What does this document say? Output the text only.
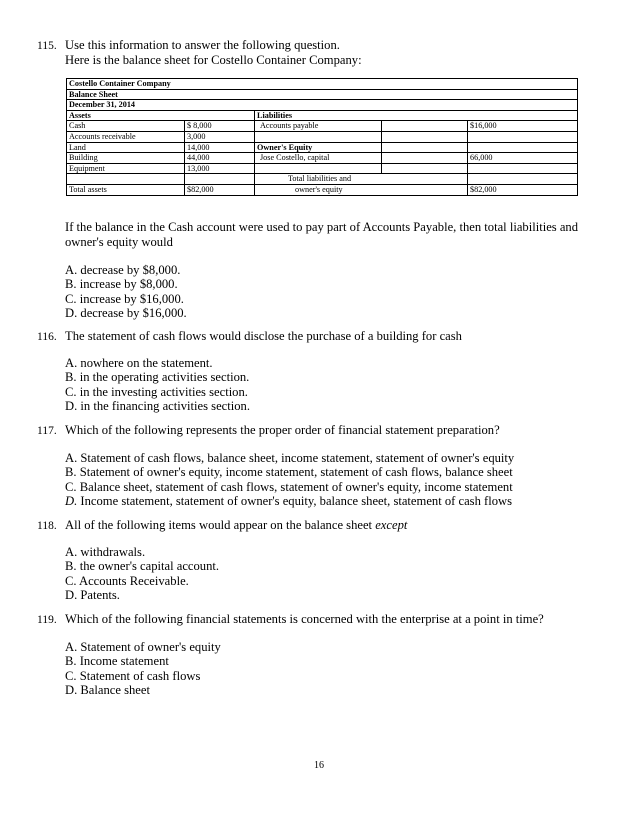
115. Use this information to answer the following question.
Here is the balance sheet for Costello Container Company:
Costello Container Company				
Balance Sheet				
December 31, 2014				
Assets		Liabilities		
Cash	$ 8,000	Accounts payable		$16,000
Accounts receivable	3,000			
Land	14,000	Owner's Equity		
Building	44,000	Jose Costello, capital		66,000
Equipment	13,000			
		Total liabilities and		
Total assets	$82,000	owner's equity		$82,000
If the balance in the Cash account were used to pay part of Accounts Payable, then total liabilities and owner's equity would
A. decrease by $8,000.
B. increase by $8,000.
C. increase by $16,000.
D. decrease by $16,000.
116. The statement of cash flows would disclose the purchase of a building for cash
A. nowhere on the statement.
B. in the operating activities section.
C. in the investing activities section.
D. in the financing activities section.
117. Which of the following represents the proper order of financial statement preparation?
A. Statement of cash flows, balance sheet, income statement, statement of owner's equity
B. Statement of owner's equity, income statement, statement of cash flows, balance sheet
C. Balance sheet, statement of cash flows, statement of owner's equity, income statement
D. Income statement, statement of owner's equity, balance sheet, statement of cash flows
118. All of the following items would appear on the balance sheet except
A. withdrawals.
B. the owner's capital account.
C. Accounts Receivable.
D. Patents.
119. Which of the following financial statements is concerned with the enterprise at a point in time?
A. Statement of owner's equity
B. Income statement
C. Statement of cash flows
D. Balance sheet
16
